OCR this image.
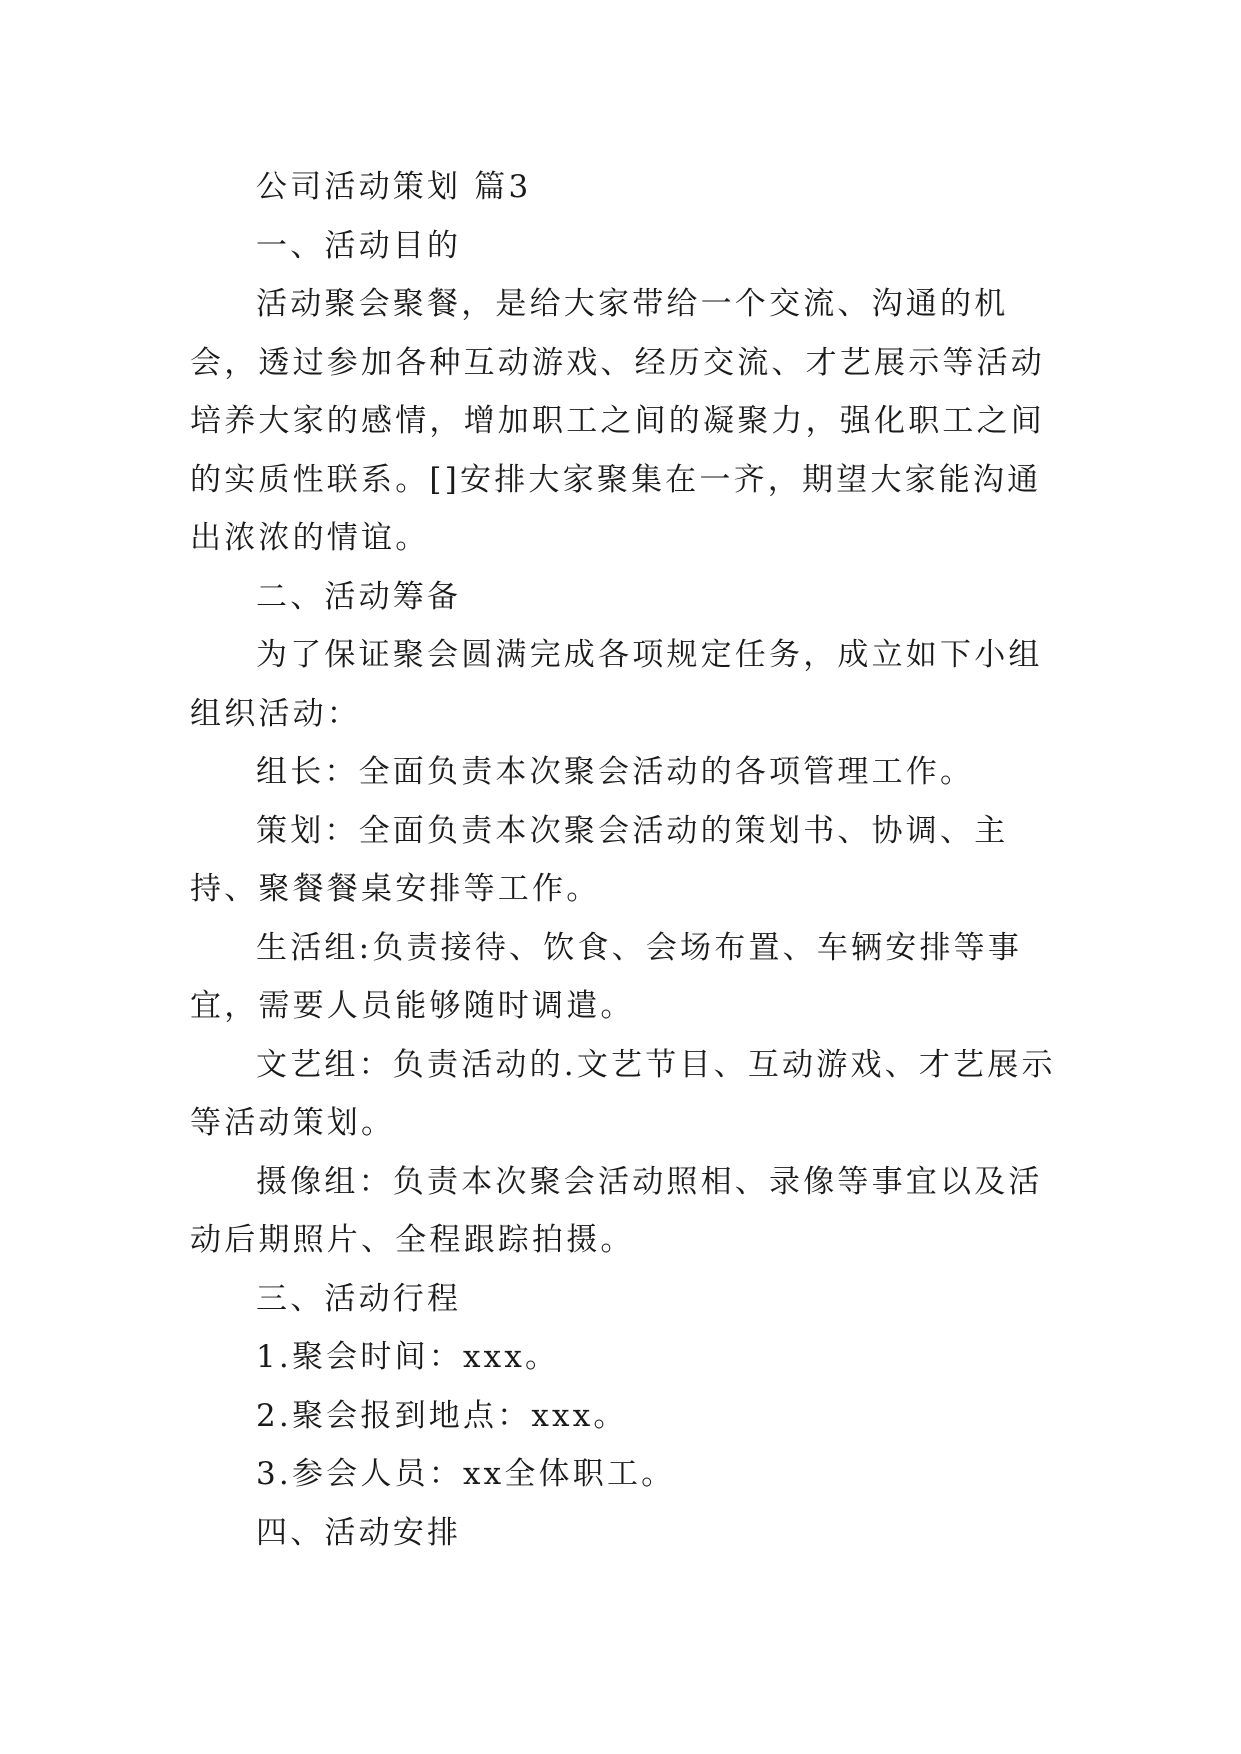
公司活动策划 篇3

一、活动目的

活动聚会聚餐，是给大家带给一个交流、沟通的机会，透过参加各种互动游戏、经历交流、才艺展示等活动培养大家的感情，增加职工之间的凝聚力，强化职工之间的实质性联系。[]安排大家聚集在一齐，期望大家能沟通出浓浓的情谊。

二、活动筹备

为了保证聚会圆满完成各项规定任务，成立如下小组组织活动：

组长：全面负责本次聚会活动的各项管理工作。

策划：全面负责本次聚会活动的策划书、协调、主持、聚餐餐桌安排等工作。

生活组:负责接待、饮食、会场布置、车辆安排等事宜，需要人员能够随时调遣。

文艺组：负责活动的.文艺节目、互动游戏、才艺展示等活动策划。

摄像组：负责本次聚会活动照相、录像等事宜以及活动后期照片、全程跟踪拍摄。

三、活动行程

1.聚会时间：xxx。

2.聚会报到地点：xxx。

3.参会人员：xx全体职工。

四、活动安排
